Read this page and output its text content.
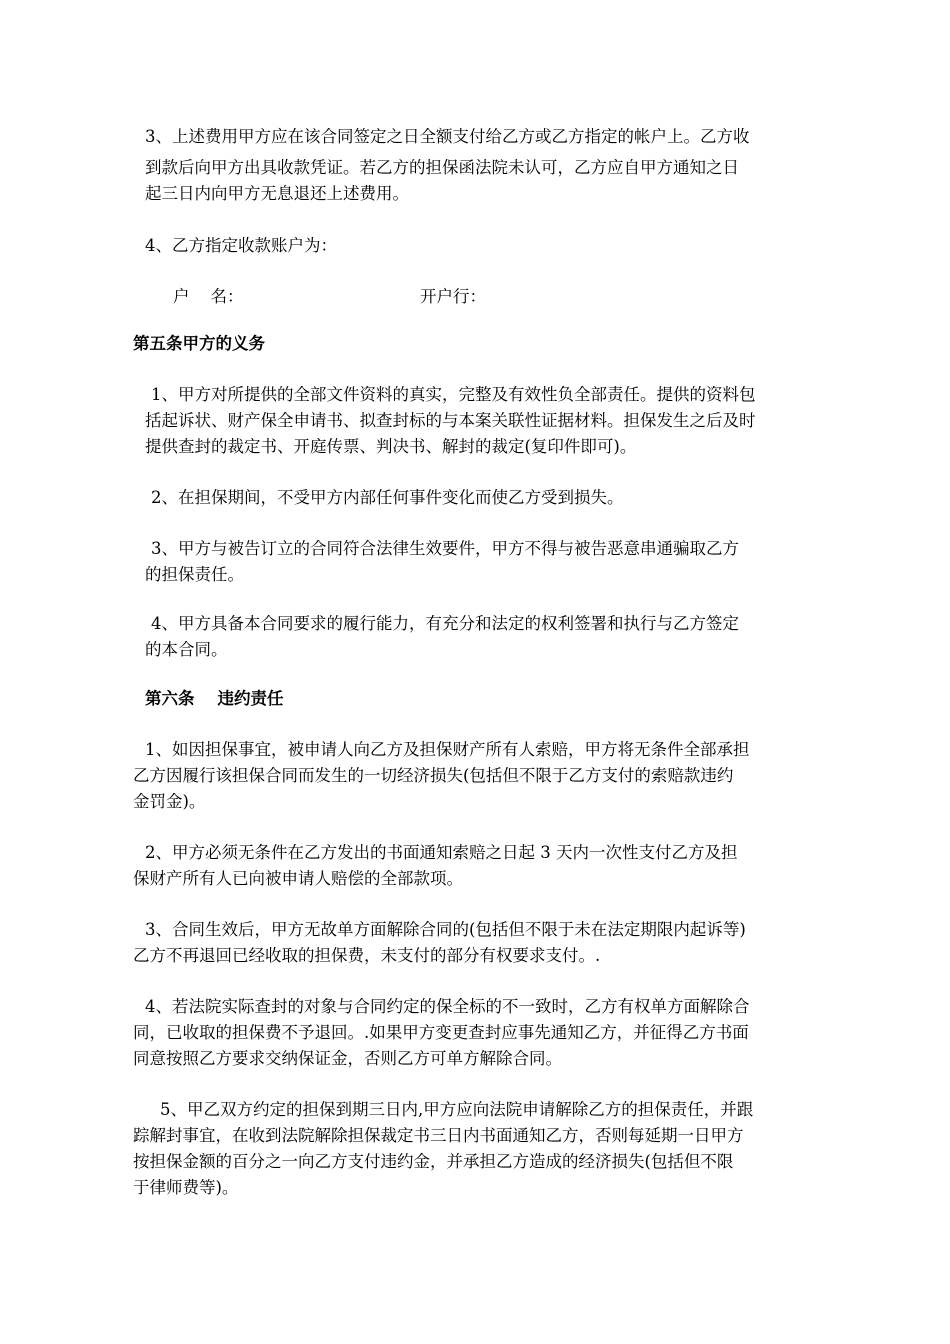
3、上述费用甲方应在该合同签定之日全额支付给乙方或乙方指定的帐户上。乙方收

到款后向甲方出具收款凭证。若乙方的担保函法院未认可，乙方应自甲方通知之日

起三日内向甲方无息退还上述费用。

4、乙方指定收款账户为：

户    名：	开户行：

第五条甲方的义务

1、甲方对所提供的全部文件资料的真实，完整及有效性负全部责任。提供的资料包

括起诉状、财产保全申请书、拟查封标的与本案关联性证据材料。担保发生之后及时

提供查封的裁定书、开庭传票、判决书、解封的裁定(复印件即可)。

2、在担保期间，不受甲方内部任何事件变化而使乙方受到损失。

3、甲方与被告订立的合同符合法律生效要件，甲方不得与被告恶意串通骗取乙方

的担保责任。

4、甲方具备本合同要求的履行能力，有充分和法定的权利签署和执行与乙方签定

的本合同。

第六条    违约责任

1、如因担保事宜，被申请人向乙方及担保财产所有人索赔，甲方将无条件全部承担

乙方因履行该担保合同而发生的一切经济损失(包括但不限于乙方支付的索赔款违约

金罚金)。

2、甲方必须无条件在乙方发出的书面通知索赔之日起 3 天内一次性支付乙方及担

保财产所有人已向被申请人赔偿的全部款项。

3、合同生效后，甲方无故单方面解除合同的(包括但不限于未在法定期限内起诉等)

乙方不再退回已经收取的担保费，未支付的部分有权要求支付。.

4、若法院实际查封的对象与合同约定的保全标的不一致时，乙方有权单方面解除合

同，已收取的担保费不予退回。.如果甲方变更查封应事先通知乙方，并征得乙方书面

同意按照乙方要求交纳保证金，否则乙方可单方解除合同。

5、甲乙双方约定的担保到期三日内,甲方应向法院申请解除乙方的担保责任，并跟

踪解封事宜，在收到法院解除担保裁定书三日内书面通知乙方，否则每延期一日甲方

按担保金额的百分之一向乙方支付违约金，并承担乙方造成的经济损失(包括但不限

于律师费等)。
